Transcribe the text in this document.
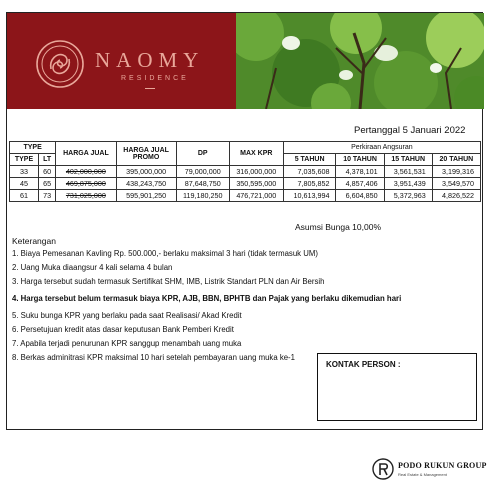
NAOMY
RESIDENCE
Pertanggal 5 Januari 2022
TYPE		HARGA JUAL	HARGA JUAL PROMO	DP	MAX KPR	Perkiraan Angsuran			
TYPE	LT					5 TAHUN	10 TAHUN	15 TAHUN	20 TAHUN
33	60	402,000,000	395,000,000	79,000,000	316,000,000	7,035,608	4,378,101	3,561,531	3,199,316
45	65	469,875,000	438,243,750	87,648,750	350,595,000	7,805,852	4,857,406	3,951,439	3,549,570
61	73	731,025,000	595,901,250	119,180,250	476,721,000	10,613,994	6,604,850	5,372,963	4,826,522
Asumsi Bunga 10,00%
Keterangan
1. Biaya Pemesanan Kavling Rp. 500.000,- berlaku maksimal 3 hari (tidak termasuk UM)
2. Uang Muka diaangsur 4 kali selama 4 bulan
3. Harga tersebut sudah termasuk Sertifikat SHM, IMB, Listrik Standart PLN dan Air Bersih
4. Harga tersebut belum termasuk biaya KPR, AJB, BBN, BPHTB dan Pajak yang berlaku dikemudian hari
5. Suku bunga KPR yang berlaku pada saat Realisasi/ Akad Kredit
6. Persetujuan kredit atas dasar keputusan Bank Pemberi Kredit
7. Apabila terjadi penurunan KPR sanggup menambah uang muka
8. Berkas adminitrasi KPR maksimal 10 hari setelah pembayaran uang muka ke-1
KONTAK PERSON :
PODO RUKUN GROUP
Real Estate & Management
